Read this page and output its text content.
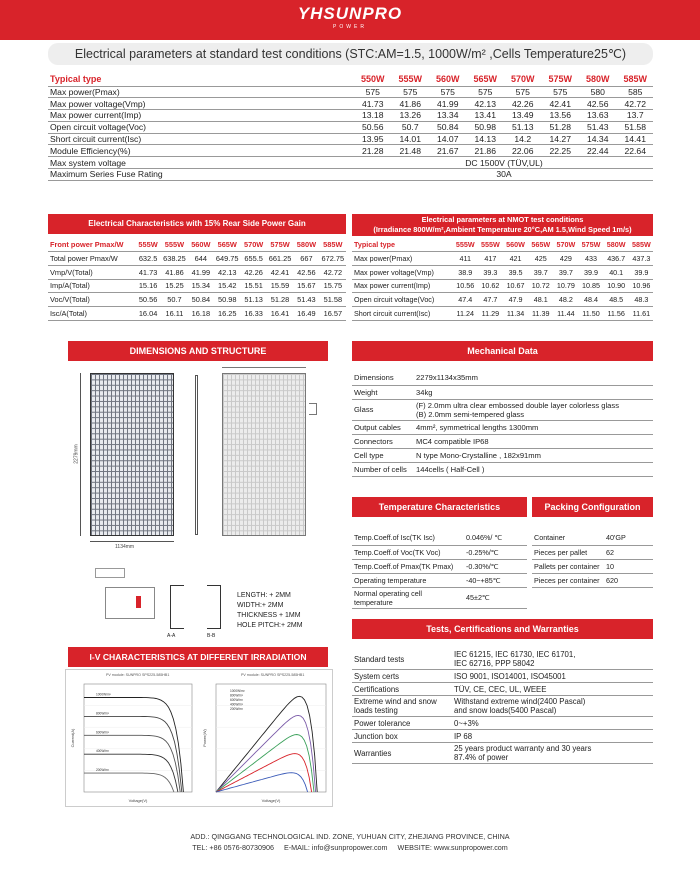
YHSUNPRO
POWER
Electrical parameters at standard test conditions (STC:AM=1.5, 1000W/m² ,Cells Temperature25℃)
Typical type	550W	555W	560W	565W	570W	575W	580W	585W
Max power(Pmax)	575	575	575	575	575	575	580	585
Max power voltage(Vmp)	41.73	41.86	41.99	42.13	42.26	42.41	42.56	42.72
Max power current(Imp)	13.18	13.26	13.34	13.41	13.49	13.56	13.63	13.7
Open circuit voltage(Voc)	50.56	50.7	50.84	50.98	51.13	51.28	51.43	51.58
Short circuit current(Isc)	13.95	14.01	14.07	14.13	14.2	14.27	14.34	14.41
Module Efficiency(%)	21.28	21.48	21.67	21.86	22.06	22.25	22.44	22.64
Max system voltage	DC 1500V (TÜV,UL)							
Maximum Series Fuse Rating	30A							
Electrical Characteristics with 15% Rear Side Power Gain
Front power Pmax/W	555W	555W	560W	565W	570W	575W	580W	585W
Total power Pmax/W	632.5	638.25	644	649.75	655.5	661.25	667	672.75
Vmp/V(Total)	41.73	41.86	41.99	42.13	42.26	42.41	42.56	42.72
Imp/A(Total)	15.16	15.25	15.34	15.42	15.51	15.59	15.67	15.75
Voc/V(Total)	50.56	50.7	50.84	50.98	51.13	51.28	51.43	51.58
Isc/A(Total)	16.04	16.11	16.18	16.25	16.33	16.41	16.49	16.57
Electrical parameters at NMOT test conditions
(Irradiance 800W/m²,Ambient Temperature 20°C,AM 1.5,Wind Speed 1m/s)
Typical type	555W	555W	560W	565W	570W	575W	580W	585W
Max power(Pmax)	411	417	421	425	429	433	436.7	437.3
Max power voltage(Vmp)	38.9	39.3	39.5	39.7	39.7	39.9	40.1	39.9
Max power current(Imp)	10.56	10.62	10.67	10.72	10.79	10.85	10.90	10.96
Open circuit voltage(Voc)	47.4	47.7	47.9	48.1	48.2	48.4	48.5	48.3
Short circuit current(Isc)	11.24	11.29	11.34	11.39	11.44	11.50	11.56	11.61
DIMENSIONS AND STRUCTURE
1134mm
2279mm
A-A	B-B
LENGTH: + 2MM
WIDTH:+ 2MM
THICKNESS + 1MM
HOLE PITCH:+ 2MM
I-V CHARACTERISTICS AT DIFFERENT IRRADIATION
PV module: SUNPRO SPS225-585HB1	PV module: SUNPRO SPS225-585HB1
Voltage(V)
Current(A)
1000W/m²
800W/m²
600W/m²
400W/m²
200W/m²
Voltage(V)
Power(W)
1000W/m²
800W/m²
600W/m²
400W/m²
200W/m²
Mechanical Data
Dimensions	2279x1134x35mm

Weight	34kg

Glass	(F) 2.0mm ultra clear embossed double layer colorless glass
(B) 2.0mm semi-tempered glass

Output cables	4mm², symmetrical lengths 1300mm

Connectors	MC4 compatible IP68

Cell type	N type Mono-Crystalline , 182x91mm

Number of cells	144cells ( Half-Cell )
Temperature Characteristics
Temp.Coeff.of Isc(TK Isc)	0.046%/ ℃

Temp.Coeff.of Voc(TK Voc)	-0.25%/℃

Temp.Coeff.of Pmax(TK Pmax)	-0.30%/℃

Operating temperature	-40~+85℃

Normal operating cell temperature	45±2℃
Packing Configuration
Container	40'GP

Pieces per pallet	62

Pallets per container	10

Pieces per container	620
Tests, Certifications and Warranties
Standard tests	IEC 61215, IEC 61730, IEC 61701,
IEC 62716, PPP 58042

System certs	ISO 9001, ISO14001, ISO45001

Certifications	TÜV, CE, CEC, UL, WEEE

Extreme wind and snow loads testing	Withstand extreme wind(2400 Pascal)
and snow loads(5400 Pascal)

Power tolerance	0~+3%

Junction box	IP 68

Warranties	25 years product warranty and 30 years
87.4% of power
ADD.: QINGGANG TECHNOLOGICAL IND. ZONE, YUHUAN CITY, ZHEJIANG PROVINCE, CHINA
TEL: +86 0576-80730906 E-MAIL: info@sunpropower.com WEBSITE: www.sunpropower.com
